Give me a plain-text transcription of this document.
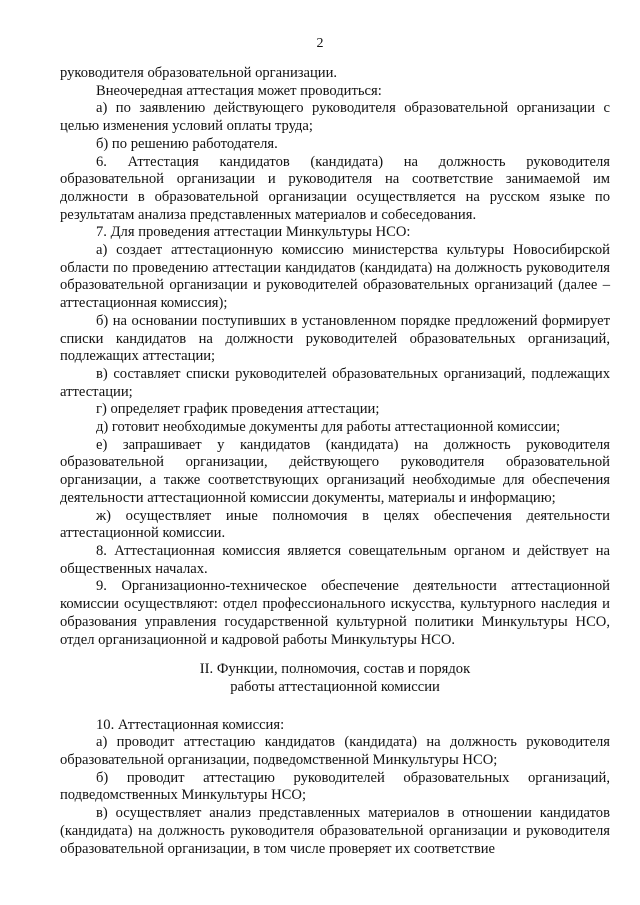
2

руководителя образовательной организации.

Внеочередная аттестация может проводиться:

а) по заявлению действующего руководителя образовательной организации с целью изменения условий оплаты труда;

б) по решению работодателя.

6. Аттестация кандидатов (кандидата) на должность руководителя образовательной организации и руководителя на соответствие занимаемой им должности в образовательной организации осуществляется на русском языке по результатам анализа представленных материалов и собеседования.

7. Для проведения аттестации Минкультуры НСО:

а) создает аттестационную комиссию министерства культуры Новосибирской области по проведению аттестации кандидатов (кандидата) на должность руководителя образовательной организации и руководителей образовательных организаций (далее – аттестационная комиссия);

б) на основании поступивших в установленном порядке предложений формирует списки кандидатов на должности руководителей образовательных организаций, подлежащих аттестации;

в) составляет списки руководителей образовательных организаций, подлежащих аттестации;

г) определяет график проведения аттестации;

д) готовит необходимые документы для работы аттестационной комиссии;

е) запрашивает у кандидатов (кандидата) на должность руководителя образовательной организации, действующего руководителя образовательной организации, а также соответствующих организаций необходимые для обеспечения деятельности аттестационной комиссии документы, материалы и информацию;

ж) осуществляет иные полномочия в целях обеспечения деятельности аттестационной комиссии.

8. Аттестационная комиссия является совещательным органом и действует на общественных началах.

9. Организационно-техническое обеспечение деятельности аттестационной комиссии осуществляют: отдел профессионального искусства, культурного наследия и образования управления государственной культурной политики Минкультуры НСО, отдел организационной и кадровой работы Минкультуры НСО.

II. Функции, полномочия, состав и порядок
работы аттестационной комиссии

10. Аттестационная комиссия:

а) проводит аттестацию кандидатов (кандидата) на должность руководителя образовательной организации, подведомственной Минкультуры НСО;

б) проводит аттестацию руководителей образовательных организаций, подведомственных Минкультуры НСО;

в) осуществляет анализ представленных материалов в отношении кандидатов (кандидата) на должность руководителя образовательной организации и руководителя образовательной организации, в том числе проверяет их соответствие
